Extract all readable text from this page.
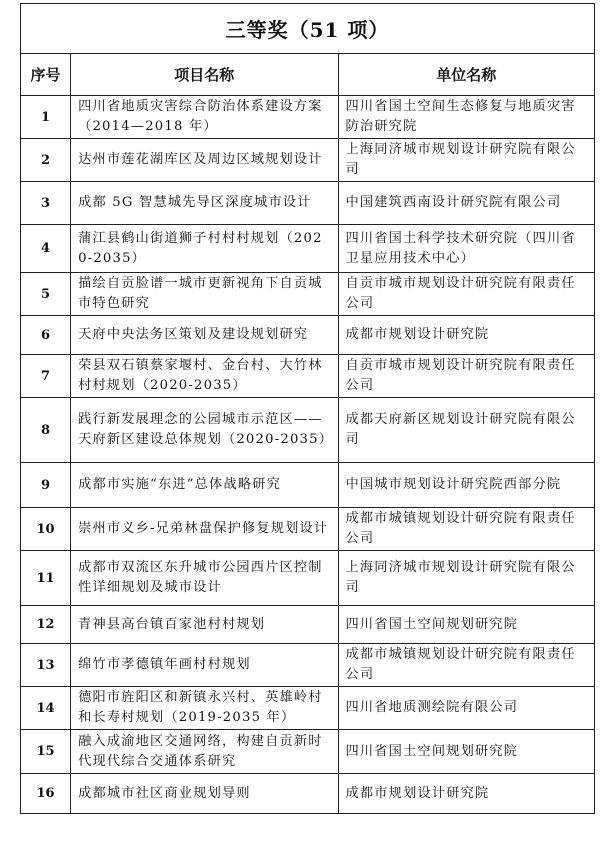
三等奖（51 项）		
序号	项目名称	单位名称
1	四川省地质灾害综合防治体系建设方案（2014—2018 年）	四川省国土空间生态修复与地质灾害防治研究院
2	达州市莲花湖库区及周边区域规划设计	上海同济城市规划设计研究院有限公司
3	成都 5G 智慧城先导区深度城市设计	中国建筑西南设计研究院有限公司
4	蒲江县鹤山街道狮子村村村规划（2020-2035）	四川省国土科学技术研究院（四川省卫星应用技术中心）
5	描绘自贡脸谱一城市更新视角下自贡城市特色研究	自贡市城市规划设计研究院有限责任公司
6	天府中央法务区策划及建设规划研究	成都市规划设计研究院
7	荣县双石镇蔡家堰村、金台村、大竹林村村规划（2020-2035）	自贡市城市规划设计研究院有限责任公司
8	践行新发展理念的公园城市示范区——天府新区建设总体规划（2020-2035）	成都天府新区规划设计研究院有限公司
9	成都市实施“东进”总体战略研究	中国城市规划设计研究院西部分院
10	崇州市义乡-兄弟林盘保护修复规划设计	成都市城镇规划设计研究院有限责任公司
11	成都市双流区东升城市公园西片区控制性详细规划及城市设计	上海同济城市规划设计研究院有限公司
12	青神县高台镇百家池村村规划	四川省国土空间规划研究院
13	绵竹市孝德镇年画村村规划	成都市城镇规划设计研究院有限责任公司
14	德阳市旌阳区和新镇永兴村、英雄岭村和长寿村规划（2019-2035 年）	四川省地质测绘院有限公司
15	融入成渝地区交通网络，构建自贡新时代现代综合交通体系研究	四川省国土空间规划研究院
16	成都城市社区商业规划导则	成都市规划设计研究院
